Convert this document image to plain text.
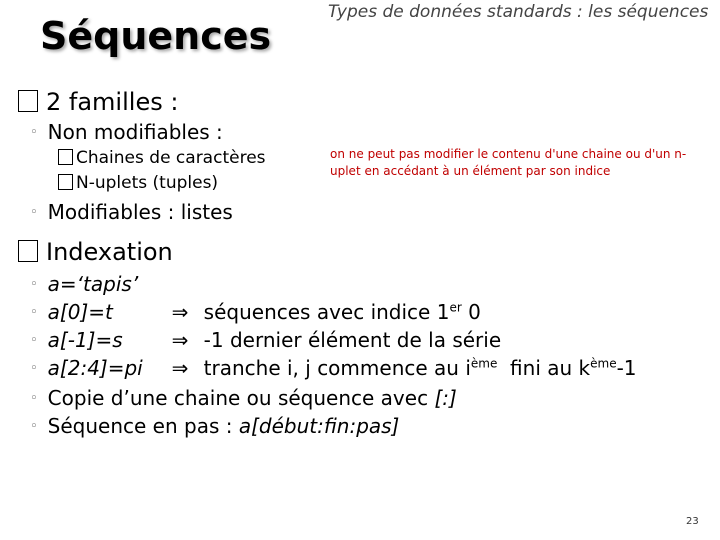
Séquences
Types de données standards : les séquences
2 familles :
◦ Non modifiables :
Chaines de caractères
N-uplets (tuples)
◦ Modifiables : listes
on ne peut pas modifier le contenu d'une chaine ou d'un n-uplet en accédant à un élément par son indice
Indexation
◦ a=‘tapis’
◦ a[0]=t	⇒ séquences avec indice 1er 0
◦ a[-1]=s ⇒ -1 dernier élément de la série
◦ a[2:4]=pi ⇒ tranche i, j commence au $i^{ème}$  fini au $k^{ème}-1$
◦ Copie d’une chaine ou séquence avec [:]
◦ Séquence en pas : a[début:fin:pas]
23
